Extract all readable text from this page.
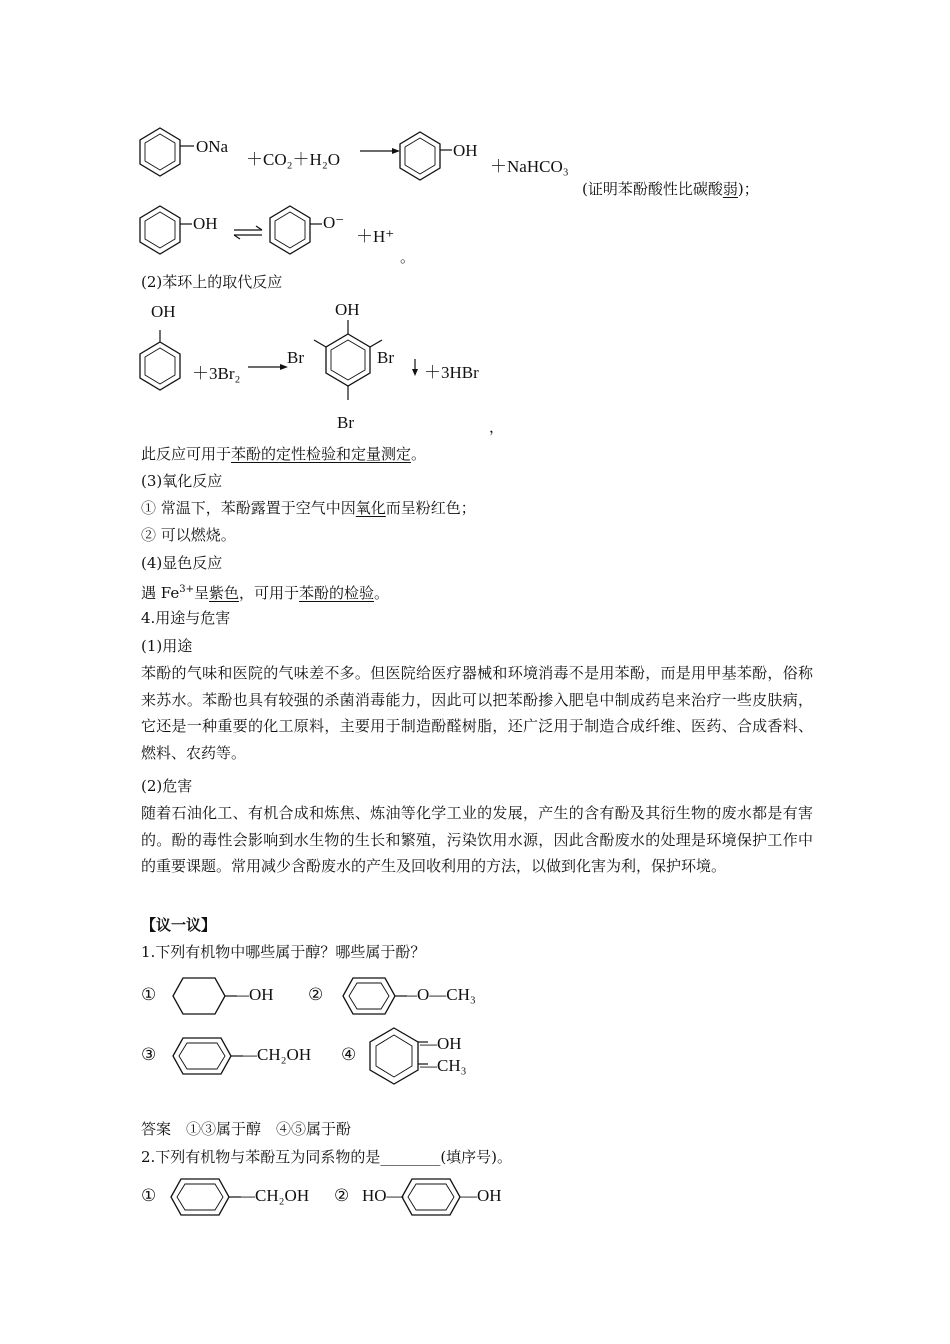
ONa
＋CO₂＋H₂O	OH
＋NaHCO₃
(证明苯酚酸性比碳酸弱)；
OH	O⁻
＋H⁺
。
(2)苯环上的取代反应
OH
＋3Br₂
OH
Br	Br
Br
＋3HBr
，
此反应可用于苯酚的定性检验和定量测定。
(3)氧化反应
① 常温下，苯酚露置于空气中因氧化而呈粉红色；
② 可以燃烧。
(4)显色反应
遇 $Fe^{3+}$呈紫色，可用于苯酚的检验。
4.用途与危害
(1)用途
苯酚的气味和医院的气味差不多。但医院给医疗器械和环境消毒不是用苯酚，而是用甲基苯酚，俗称来苏水。苯酚也具有较强的杀菌消毒能力，因此可以把苯酚掺入肥皂中制成药皂来治疗一些皮肤病，它还是一种重要的化工原料，主要用于制造酚醛树脂，还广泛用于制造合成纤维、医药、合成香料、燃料、农药等。
(2)危害
随着石油化工、有机合成和炼焦、炼油等化学工业的发展，产生的含有酚及其衍生物的废水都是有害的。酚的毒性会影响到水生物的生长和繁殖，污染饮用水源，因此含酚废水的处理是环境保护工作中的重要课题。常用减少含酚废水的产生及回收利用的方法，以做到化害为利，保护环境。
【议一议】
1.下列有机物中哪些属于醇？哪些属于酚？
①	—OH ②	—O—CH₃
③	—CH₂OH ④
—OH
—CH₃
答案　①③属于醇　④⑤属于酚
2.下列有机物与苯酚互为同系物的是________(填序号)。
①	—CH₂OH ② HO—	—OH
